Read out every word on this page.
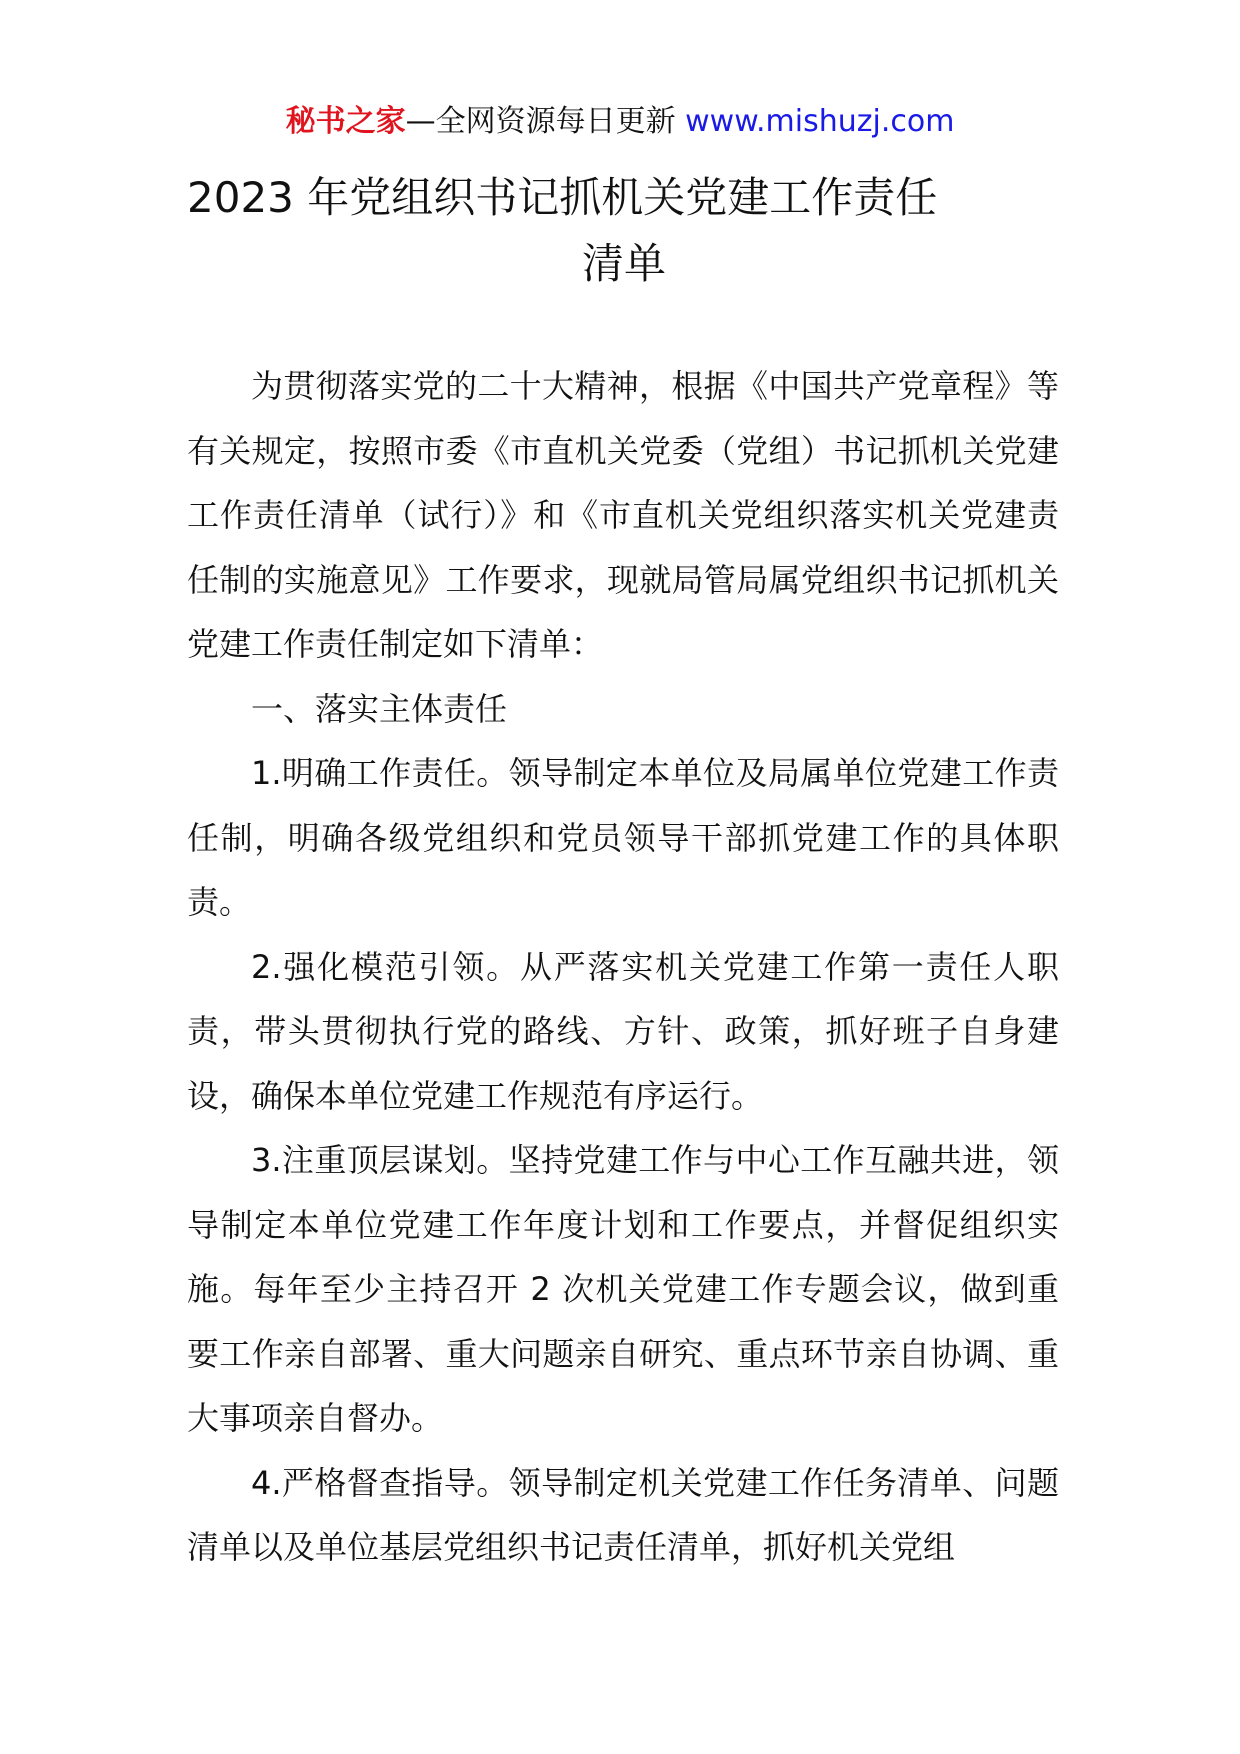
秘书之家—全网资源每日更新 www.mishuzj.com
2023 年党组织书记抓机关党建工作责任
清单

为贯彻落实党的二十大精神，根据《中国共产党章程》等有关规定，按照市委《市直机关党委（党组）书记抓机关党建工作责任清单（试行）》和《市直机关党组织落实机关党建责任制的实施意见》工作要求，现就局管局属党组织书记抓机关党建工作责任制定如下清单：

一、落实主体责任

1.明确工作责任。领导制定本单位及局属单位党建工作责任制，明确各级党组织和党员领导干部抓党建工作的具体职责。

2.强化模范引领。从严落实机关党建工作第一责任人职责，带头贯彻执行党的路线、方针、政策，抓好班子自身建设，确保本单位党建工作规范有序运行。

3.注重顶层谋划。坚持党建工作与中心工作互融共进，领导制定本单位党建工作年度计划和工作要点，并督促组织实施。每年至少主持召开 2 次机关党建工作专题会议，做到重要工作亲自部署、重大问题亲自研究、重点环节亲自协调、重大事项亲自督办。

4.严格督查指导。领导制定机关党建工作任务清单、问题清单以及单位基层党组织书记责任清单，抓好机关党组
